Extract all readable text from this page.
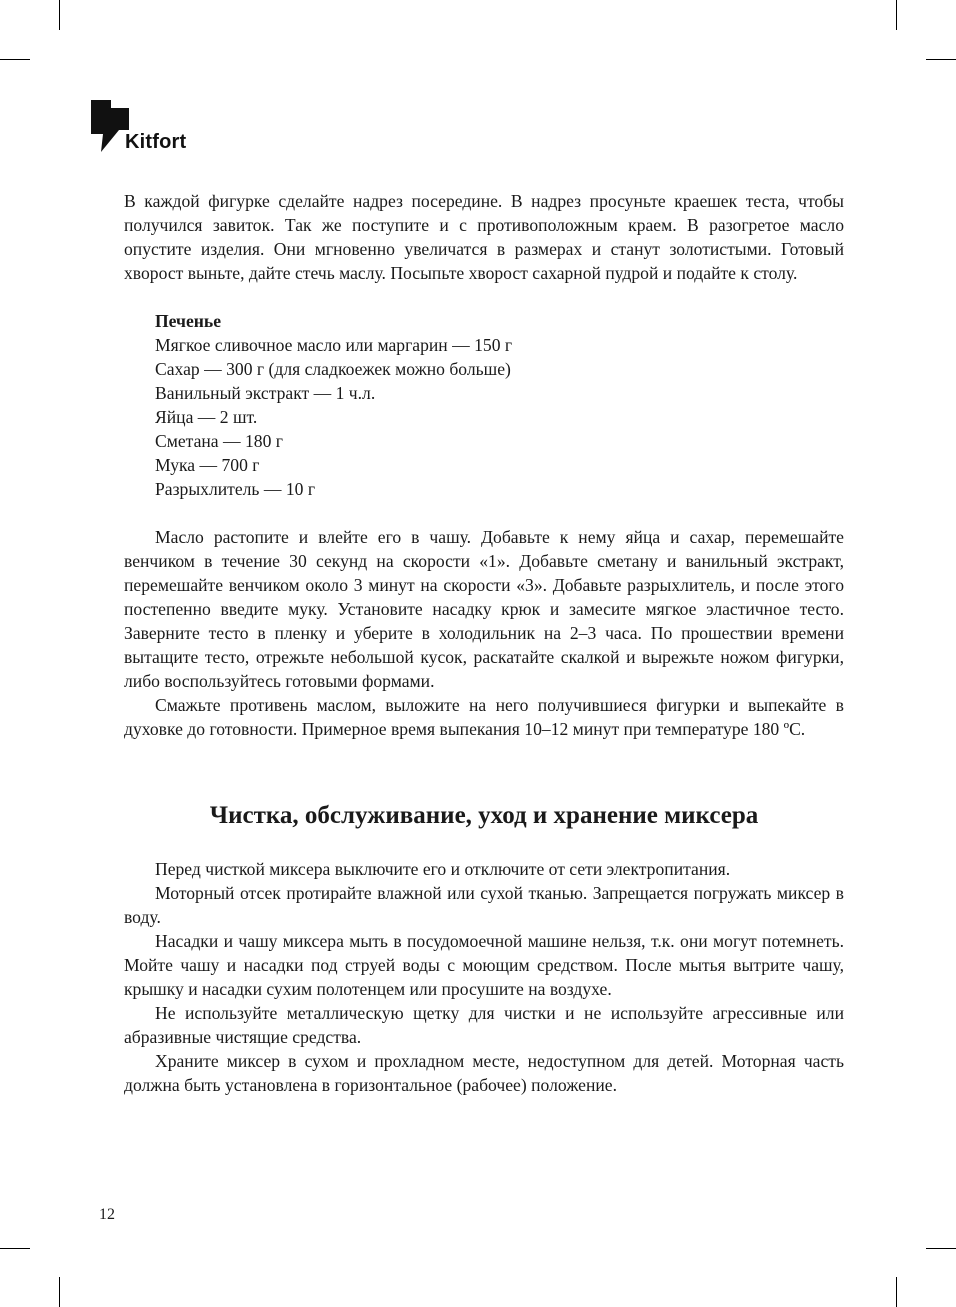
Kitfort

В каждой фигурке сделайте надрез посередине. В надрез просуньте краешек теста, чтобы получился завиток. Так же поступите и с противоположным краем. В разогретое масло опустите изделия. Они мгновенно увеличатся в размерах и станут золотистыми. Готовый хворост выньте, дайте стечь маслу. Посыпьте хворост сахарной пудрой и подайте к столу.

Печенье
Мягкое сливочное масло или маргарин — 150 г
Сахар — 300 г (для сладкоежек можно больше)
Ванильный экстракт — 1 ч.л.
Яйца — 2 шт.
Сметана — 180 г
Мука — 700 г
Разрыхлитель — 10 г

Масло растопите и влейте его в чашу. Добавьте к нему яйца и сахар, перемешайте венчиком в течение 30 секунд на скорости «1». Добавьте сметану и ванильный экстракт, перемешайте венчиком около 3 минут на скорости «3». Добавьте разрыхлитель, и после этого постепенно введите муку. Установите насадку крюк и замесите мягкое эластичное тесто. Заверните тесто в пленку и уберите в холодильник на 2–3 часа. По прошествии времени вытащите тесто, отрежьте небольшой кусок, раскатайте скалкой и вырежьте ножом фигурки, либо воспользуйтесь готовыми формами.

Смажьте противень маслом, выложите на него получившиеся фигурки и выпекайте в духовке до готовности. Примерное время выпекания 10–12 минут при температуре 180 ºС.

Чистка, обслуживание, уход и хранение миксера

Перед чисткой миксера выключите его и отключите от сети электропитания.

Моторный отсек протирайте влажной или сухой тканью. Запрещается погружать миксер в воду.

Насадки и чашу миксера мыть в посудомоечной машине нельзя, т.к. они могут потемнеть. Мойте чашу и насадки под струей воды с моющим средством. После мытья вытрите чашу, крышку и насадки сухим полотенцем или просушите на воздухе.

Не используйте металлическую щетку для чистки и не используйте агрессивные или абразивные чистящие средства.

Храните миксер в сухом и прохладном месте, недоступном для детей. Моторная часть должна быть установлена в горизонтальное (рабочее) положение.

12
